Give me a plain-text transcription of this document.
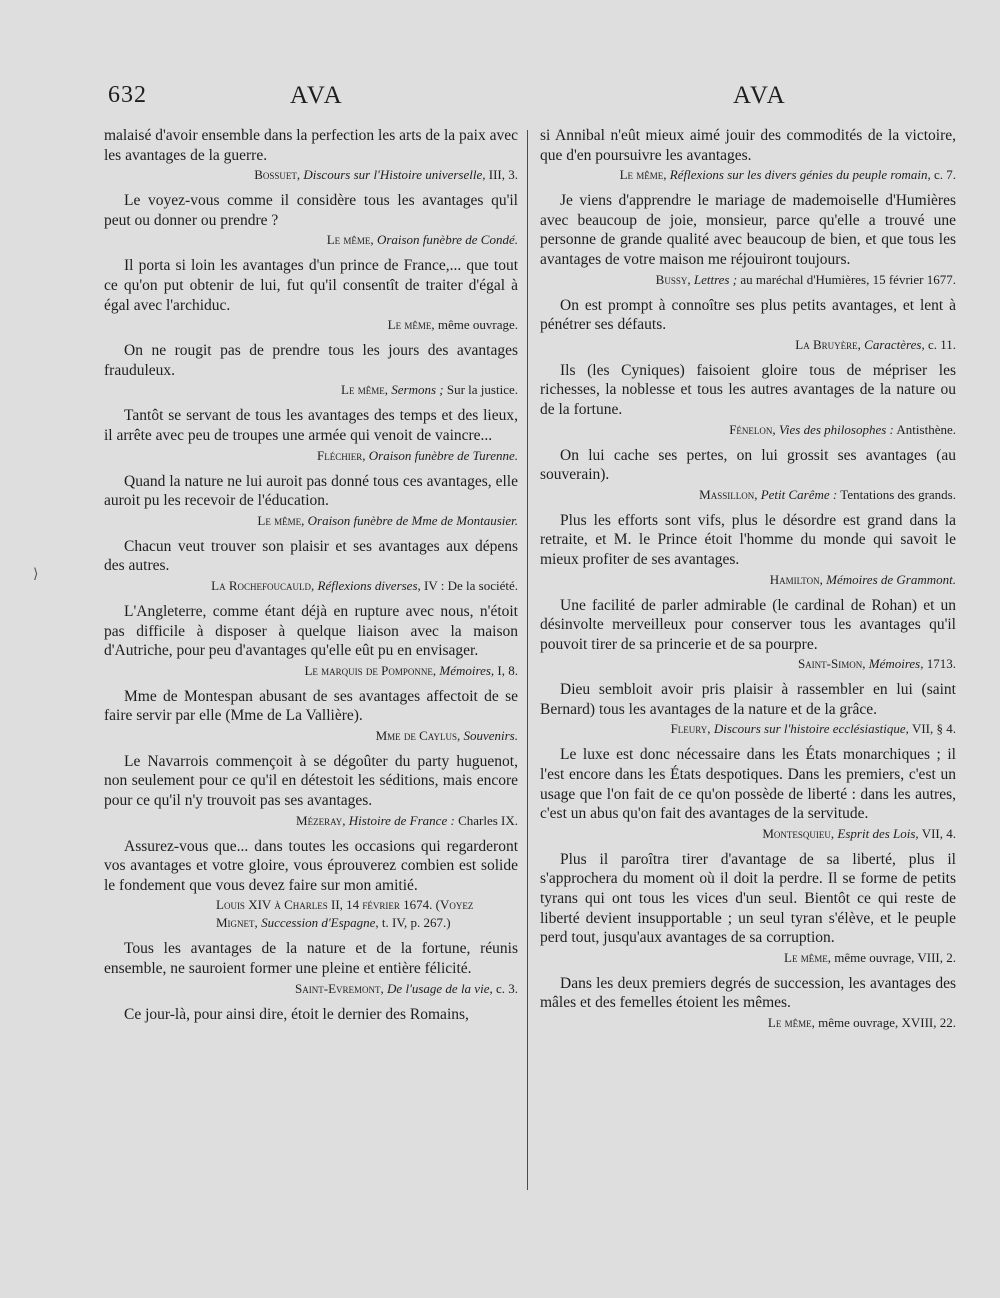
632	AVA	AVA

malaisé d'avoir ensemble dans la perfection les arts de la paix avec les avantages de la guerre.

Bossuet, Discours sur l'Histoire universelle, III, 3.

Le voyez-vous comme il considère tous les avantages qu'il peut ou donner ou prendre ?

Le même, Oraison funèbre de Condé.

Il porta si loin les avantages d'un prince de France,... que tout ce qu'on put obtenir de lui, fut qu'il consentît de traiter d'égal à égal avec l'archiduc.

Le même, même ouvrage.

On ne rougit pas de prendre tous les jours des avantages frauduleux.

Le même, Sermons ; Sur la justice.

Tantôt se servant de tous les avantages des temps et des lieux, il arrête avec peu de troupes une armée qui venoit de vaincre...

Fléchier, Oraison funèbre de Turenne.

Quand la nature ne lui auroit pas donné tous ces avantages, elle auroit pu les recevoir de l'éducation.

Le même, Oraison funèbre de Mme de Montausier.

Chacun veut trouver son plaisir et ses avantages aux dépens des autres.

La Rochefoucauld, Réflexions diverses, IV : De la société.

L'Angleterre, comme étant déjà en rupture avec nous, n'étoit pas difficile à disposer à quelque liaison avec la maison d'Autriche, pour peu d'avantages qu'elle eût pu en envisager.

Le marquis de Pomponne, Mémoires, I, 8.

Mme de Montespan abusant de ses avantages affectoit de se faire servir par elle (Mme de La Vallière).

Mme de Caylus, Souvenirs.

Le Navarrois commençoit à se dégoûter du party huguenot, non seulement pour ce qu'il en détestoit les séditions, mais encore pour ce qu'il n'y trouvoit pas ses avantages.

Mézeray, Histoire de France : Charles IX.

Assurez-vous que... dans toutes les occasions qui regarderont vos avantages et votre gloire, vous éprouverez combien est solide le fondement que vous devez faire sur mon amitié.

Louis XIV à Charles II, 14 février 1674. (Voyez Mignet, Succession d'Espagne, t. IV, p. 267.)

Tous les avantages de la nature et de la fortune, réunis ensemble, ne sauroient former une pleine et entière félicité.

Saint-Evremont, De l'usage de la vie, c. 3.

Ce jour-là, pour ainsi dire, étoit le dernier des Romains,

si Annibal n'eût mieux aimé jouir des commodités de la victoire, que d'en poursuivre les avantages.

Le même, Réflexions sur les divers génies du peuple romain, c. 7.

Je viens d'apprendre le mariage de mademoiselle d'Humières avec beaucoup de joie, monsieur, parce qu'elle a trouvé une personne de grande qualité avec beaucoup de bien, et que tous les avantages de votre maison me réjouiront toujours.

Bussy, Lettres ; au maréchal d'Humières, 15 février 1677.

On est prompt à connoître ses plus petits avantages, et lent à pénétrer ses défauts.

La Bruyère, Caractères, c. 11.

Ils (les Cyniques) faisoient gloire tous de mépriser les richesses, la noblesse et tous les autres avantages de la nature ou de la fortune.

Fénelon, Vies des philosophes : Antisthène.

On lui cache ses pertes, on lui grossit ses avantages (au souverain).

Massillon, Petit Carême : Tentations des grands.

Plus les efforts sont vifs, plus le désordre est grand dans la retraite, et M. le Prince étoit l'homme du monde qui savoit le mieux profiter de ses avantages.

Hamilton, Mémoires de Grammont.

Une facilité de parler admirable (le cardinal de Rohan) et un désinvolte merveilleux pour conserver tous les avantages qu'il pouvoit tirer de sa princerie et de sa pourpre.

Saint-Simon, Mémoires, 1713.

Dieu sembloit avoir pris plaisir à rassembler en lui (saint Bernard) tous les avantages de la nature et de la grâce.

Fleury, Discours sur l'histoire ecclésiastique, VII, § 4.

Le luxe est donc nécessaire dans les États monarchiques ; il l'est encore dans les États despotiques. Dans les premiers, c'est un usage que l'on fait de ce qu'on possède de liberté : dans les autres, c'est un abus qu'on fait des avantages de la servitude.

Montesquieu, Esprit des Lois, VII, 4.

Plus il paroîtra tirer d'avantage de sa liberté, plus il s'approchera du moment où il doit la perdre. Il se forme de petits tyrans qui ont tous les vices d'un seul. Bientôt ce qui reste de liberté devient insupportable ; un seul tyran s'élève, et le peuple perd tout, jusqu'aux avantages de sa corruption.

Le même, même ouvrage, VIII, 2.

Dans les deux premiers degrés de succession, les avantages des mâles et des femelles étoient les mêmes.

Le même, même ouvrage, XVIII, 22.
⟩
